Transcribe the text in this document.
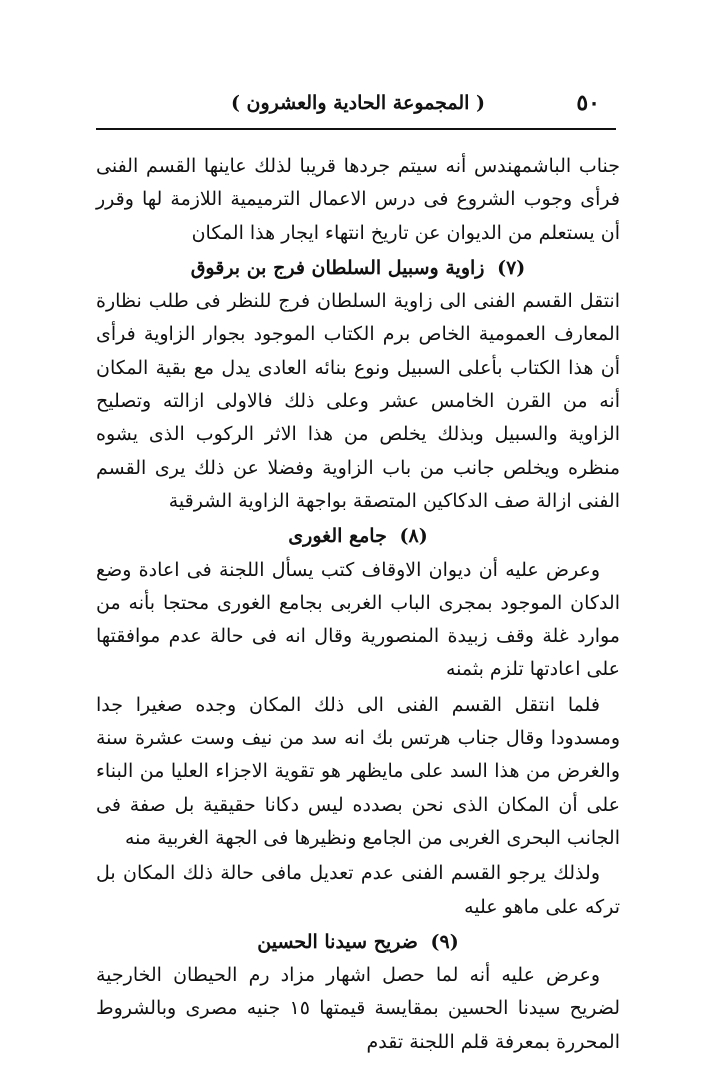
٥٠
( المجموعة الحادية والعشرون )

جناب الباشمهندس أنه سيتم جردها قريبا لذلك عاينها القسم الفنى فرأى وجوب الشروع فى درس الاعمال الترميمية اللازمة لها وقرر أن يستعلم من الديوان عن تاريخ انتهاء ايجار هذا المكان

(٧) زاوية وسبيل السلطان فرج بن برقوق

انتقل القسم الفنى الى زاوية السلطان فرج للنظر فى طلب نظارة المعارف العمومية الخاص برم الكتاب الموجود بجوار الزاوية فرأى أن هذا الكتاب بأعلى السبيل ونوع بنائه العادى يدل مع بقية المكان أنه من القرن الخامس عشر وعلى ذلك فالاولى ازالته وتصليح الزاوية والسبيل وبذلك يخلص من هذا الاثر الركوب الذى يشوه منظره ويخلص جانب من باب الزاوية وفضلا عن ذلك يرى القسم الفنى ازالة صف الدكاكين المتصقة بواجهة الزاوية الشرقية

(٨) جامع الغورى

وعرض عليه أن ديوان الاوقاف كتب يسأل اللجنة فى اعادة وضع الدكان الموجود بمجرى الباب الغربى بجامع الغورى محتجا بأنه من موارد غلة وقف زبيدة المنصورية وقال انه فى حالة عدم موافقتها على اعادتها تلزم بثمنه

فلما انتقل القسم الفنى الى ذلك المكان وجده صغيرا جدا ومسدودا وقال جناب هرتس بك انه سد من نيف وست عشرة سنة والغرض من هذا السد على مايظهر هو تقوية الاجزاء العليا من البناء على أن المكان الذى نحن بصدده ليس دكانا حقيقية بل صفة فى الجانب البحرى الغربى من الجامع ونظيرها فى الجهة الغربية منه

ولذلك يرجو القسم الفنى عدم تعديل مافى حالة ذلك المكان بل تركه على ماهو عليه

(٩) ضريح سيدنا الحسين

وعرض عليه أنه لما حصل اشهار مزاد رم الحيطان الخارجية لضريح سيدنا الحسين بمقايسة قيمتها ١٥ جنيه مصرى وبالشروط المحررة بمعرفة قلم اللجنة تقدم
